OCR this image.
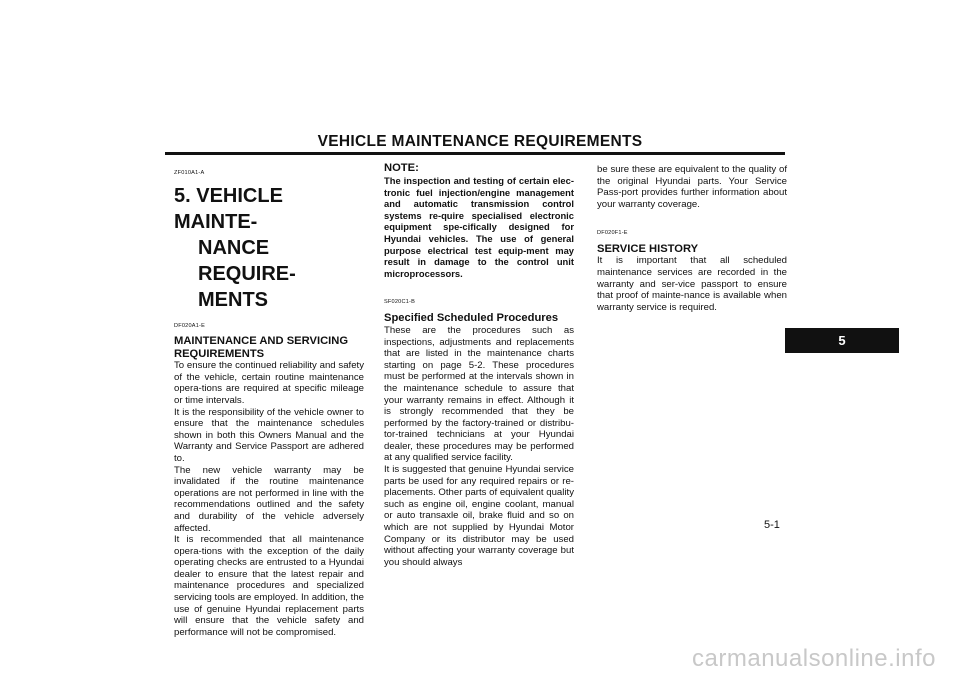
VEHICLE MAINTENANCE REQUIREMENTS
ZF010A1-A
5. VEHICLE MAINTE-
NANCE REQUIRE-
MENTS
DF020A1-E

MAINTENANCE AND SERVICING REQUIREMENTS

To ensure the continued reliability and safety of the vehicle, certain routine maintenance opera-tions are required at specific mileage or time intervals.

It is the responsibility of the vehicle owner to ensure that the maintenance schedules shown in both this Owners Manual and the Warranty and Service Passport are adhered to.

The new vehicle warranty may be invalidated if the routine maintenance operations are not performed in line with the recommendations outlined and the safety and durability of the vehicle adversely affected.

It is recommended that all maintenance opera-tions with the exception of the daily operating checks are entrusted to a Hyundai dealer to ensure that the latest repair and maintenance procedures and specialized servicing tools are employed. In addition, the use of genuine Hyundai replacement parts will ensure that the vehicle safety and performance will not be compromised.

NOTE:

The inspection and testing of certain elec-tronic fuel injection/engine management and automatic transmission control systems re-quire specialised electronic equipment spe-cifically designed for Hyundai vehicles. The use of general purpose electrical test equip-ment may result in damage to the control unit microprocessors.

SF020C1-B

Specified Scheduled Procedures

These are the procedures such as inspections, adjustments and replacements that are listed in the maintenance charts starting on page 5-2. These procedures must be performed at the intervals shown in the maintenance schedule to assure that your warranty remains in effect. Although it is strongly recommended that they be performed by the factory-trained or distribu-tor-trained technicians at your Hyundai dealer, these procedures may be performed at any qualified service facility.

It is suggested that genuine Hyundai service parts be used for any required repairs or re-placements. Other parts of equivalent quality such as engine oil, engine coolant, manual or auto transaxle oil, brake fluid and so on which are not supplied by Hyundai Motor Company or its distributor may be used without affecting your warranty coverage but you should always

be sure these are equivalent to the quality of the original Hyundai parts. Your Service Pass-port provides further information about your warranty coverage.

DF020F1-E

SERVICE HISTORY

It is important that all scheduled maintenance services are recorded in the warranty and ser-vice passport to ensure that proof of mainte-nance is available when warranty service is required.

5
5-1
carmanualsonline.info
